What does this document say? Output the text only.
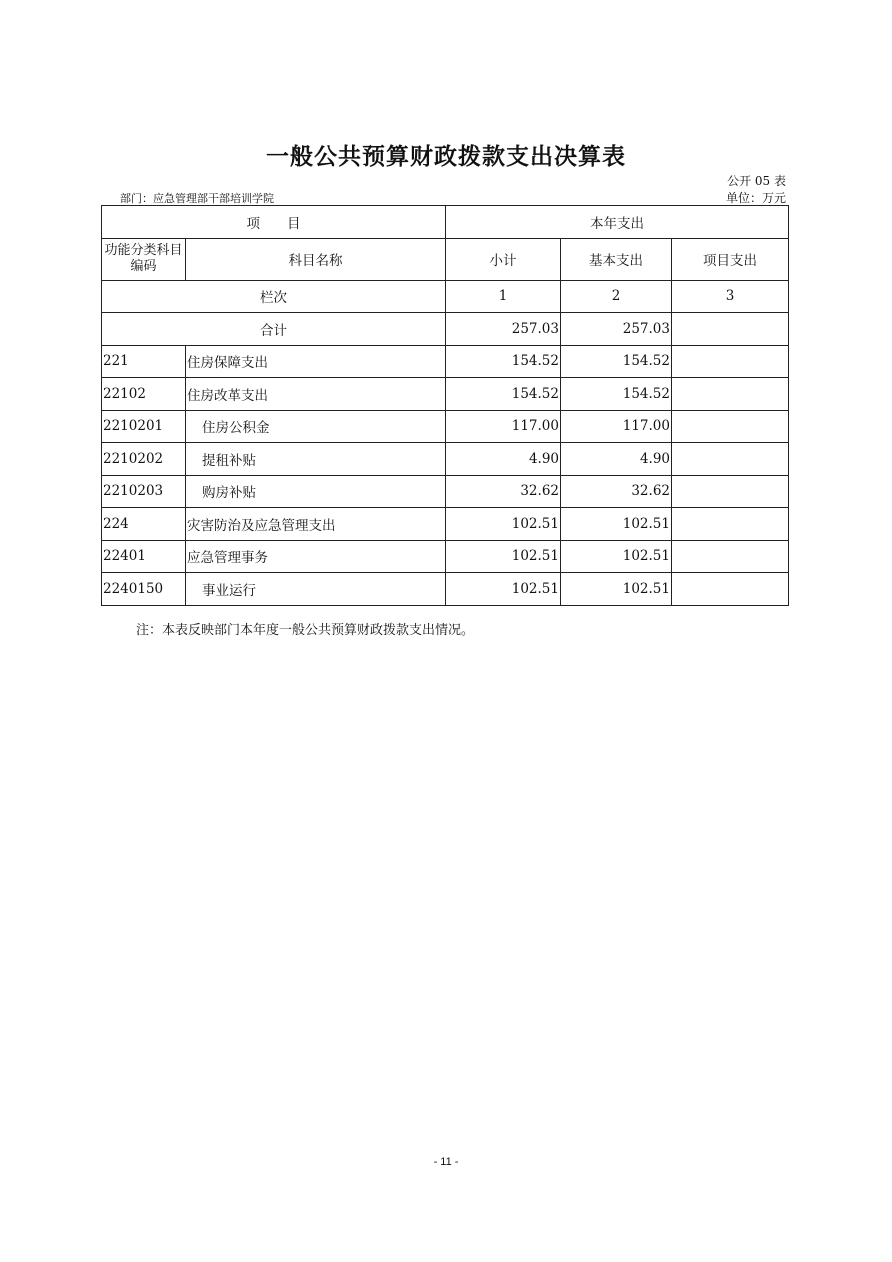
一般公共预算财政拨款支出决算表
公开 05 表
部门：应急管理部干部培训学院	单位：万元
项　　目		本年支出		
功能分类科目编码	科目名称	小计	基本支出	项目支出
栏次		1	2	3
合计		257.03	257.03	
221	住房保障支出	154.52	154.52	
22102	住房改革支出	154.52	154.52	
2210201	住房公积金	117.00	117.00	
2210202	提租补贴	4.90	4.90	
2210203	购房补贴	32.62	32.62	
224	灾害防治及应急管理支出	102.51	102.51	
22401	应急管理事务	102.51	102.51	
2240150	事业运行	102.51	102.51	
注：本表反映部门本年度一般公共预算财政拨款支出情况。
- 11 -
